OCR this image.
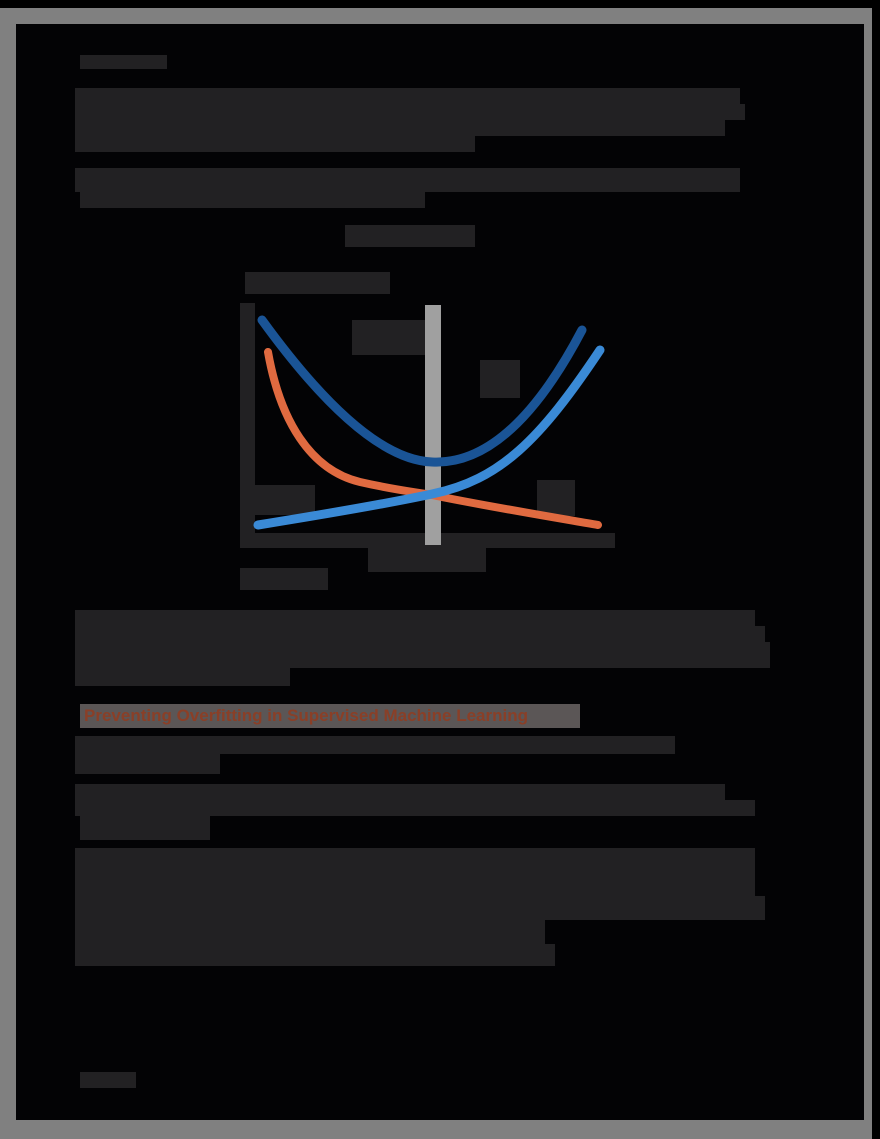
Preventing Overfitting in Supervised Machine Learning
